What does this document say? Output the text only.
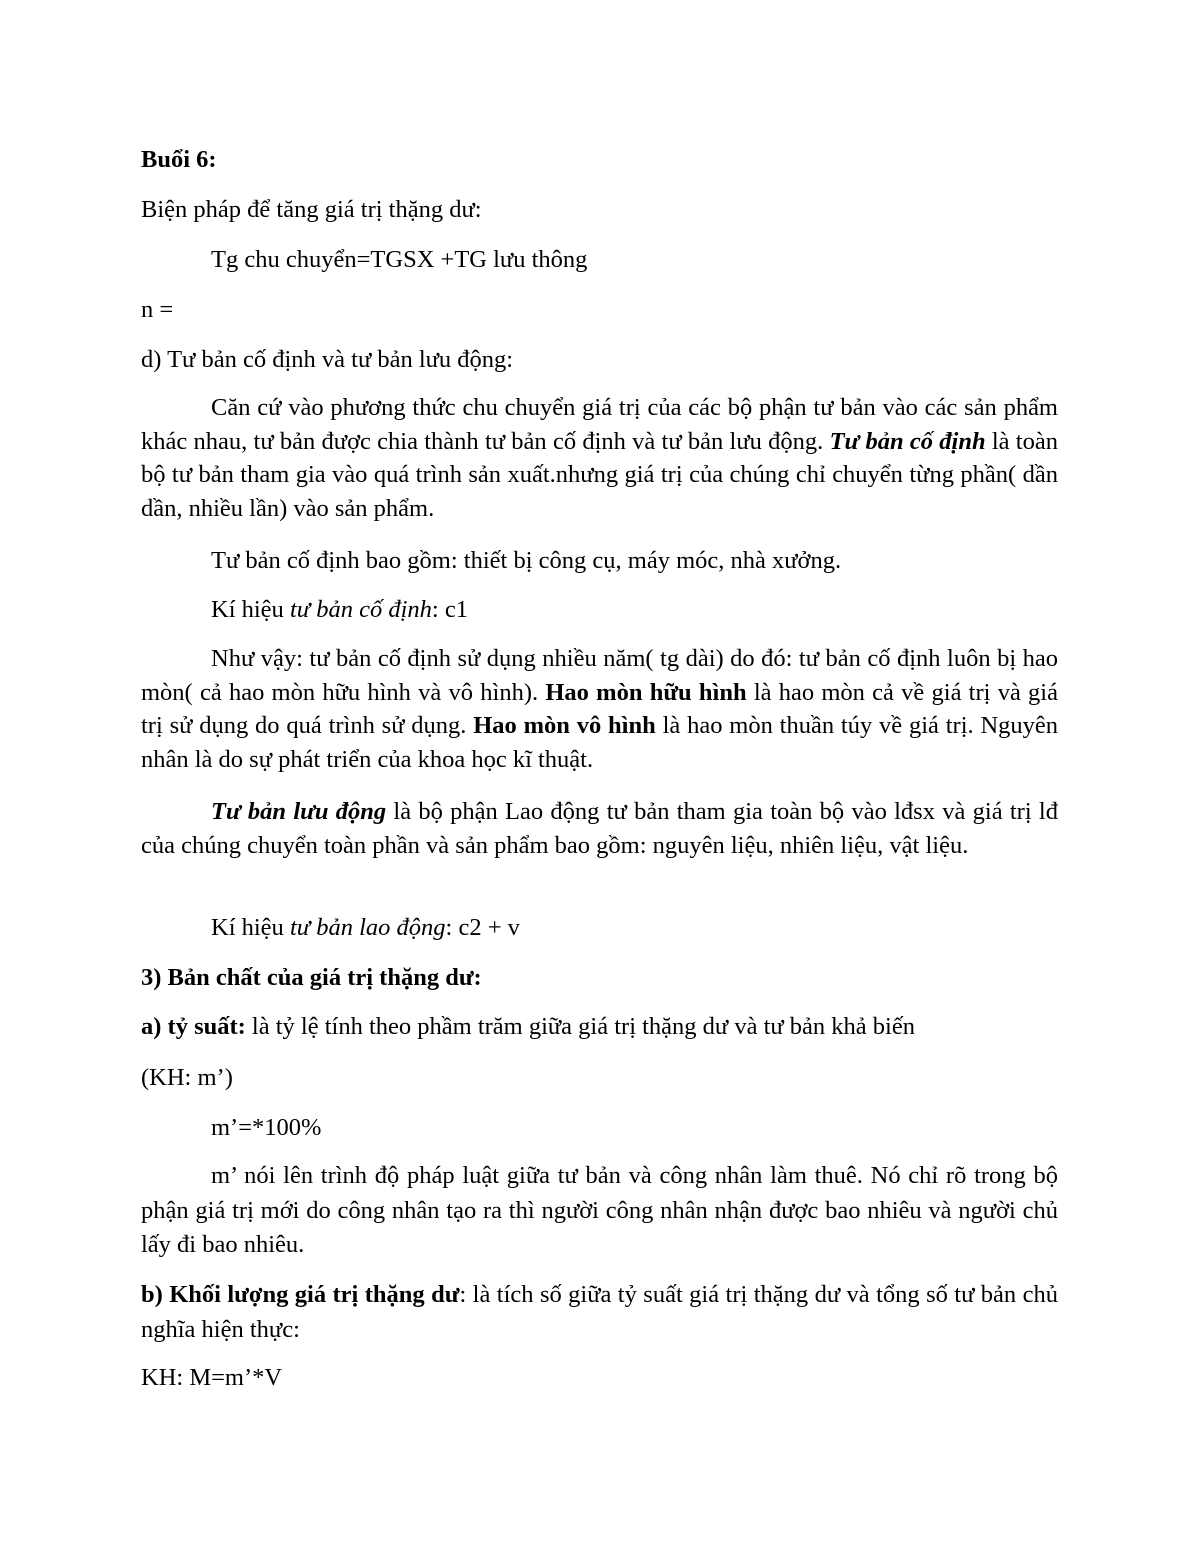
Buổi 6:
Biện pháp để tăng giá trị thặng dư:
Tg chu chuyển=TGSX +TG lưu thông
n =
d) Tư bản cố định và tư bản lưu động:
Căn cứ vào phương thức chu chuyển giá trị của các bộ phận tư bản vào các sản phẩm khác nhau, tư bản được chia thành tư bản cố định và tư bản lưu động. Tư bản cố định là toàn bộ tư bản tham gia vào quá trình sản xuất.nhưng giá trị của chúng chỉ chuyển từng phần( dần dần, nhiều lần) vào sản phẩm.
Tư bản cố định bao gồm: thiết bị công cụ, máy móc, nhà xưởng.
Kí hiệu tư bản cố định: c1
Như vậy: tư bản cố định sử dụng nhiều năm( tg dài) do đó: tư bản cố định luôn bị hao mòn( cả hao mòn hữu hình và vô hình). Hao mòn hữu hình là hao mòn cả về giá trị và giá trị sử dụng do quá trình sử dụng. Hao mòn vô hình là hao mòn thuần túy về giá trị. Nguyên nhân là do sự phát triển của khoa học kĩ thuật.
Tư bản lưu động là bộ phận Lao động tư bản tham gia toàn bộ vào lđsx và giá trị lđ của chúng chuyển toàn phần và sản phẩm bao gồm: nguyên liệu, nhiên liệu, vật liệu.
Kí hiệu tư bản lao động: c2 + v
3) Bản chất của giá trị thặng dư:
a) tỷ suất: là tỷ lệ tính theo phầm trăm giữa giá trị thặng dư và tư bản khả biến
(KH: m’)
m’=*100%
m’ nói lên trình độ pháp luật giữa tư bản và công nhân làm thuê. Nó chỉ rõ trong bộ phận giá trị mới do công nhân tạo ra thì người công nhân nhận được bao nhiêu và người chủ lấy đi bao nhiêu.
b) Khối lượng giá trị thặng dư: là tích số giữa tỷ suất giá trị thặng dư và tổng số tư bản chủ nghĩa hiện thực:
KH: M=m’*V
